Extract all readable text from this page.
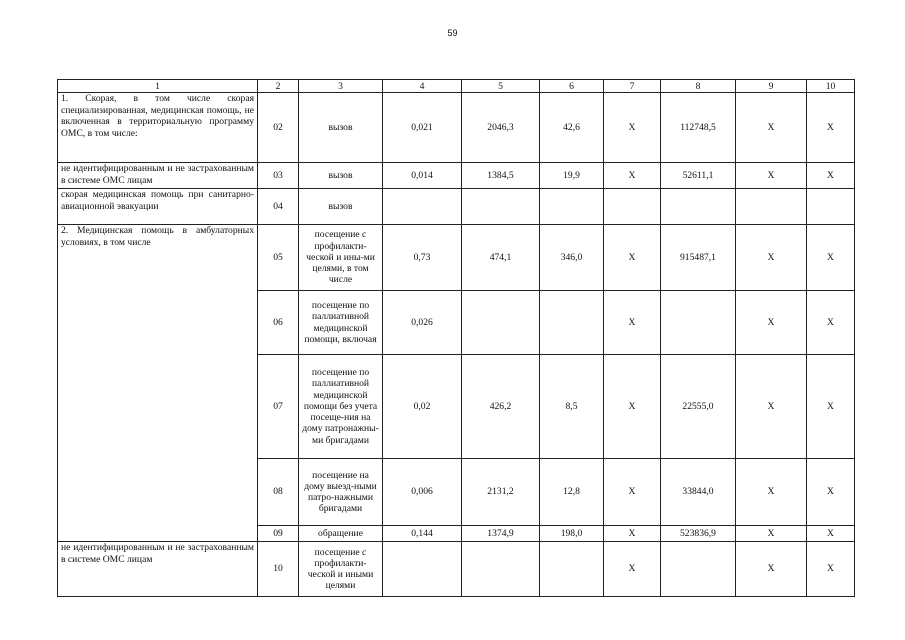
59
1	2	3	4	5	6	7	8	9	10
1. Скорая, в том числе скорая специализированная, медицинская помощь, не включенная в территориальную программу ОМС, в том числе:	02	вызов	0,021	2046,3	42,6	Х	112748,5	Х	Х
не идентифицированным и не застрахованным в системе ОМС лицам	03	вызов	0,014	1384,5	19,9	Х	52611,1	Х	Х
скорая медицинская помощь при санитарно-авиационной эвакуации	04	вызов							
2. Медицинская помощь в амбулаторных условиях, в том числе	05	посещение с профилакти-ческой и ины-ми целями, в том числе	0,73	474,1	346,0	Х	915487,1	Х	Х
	06	посещение по паллиативной медицинской помощи, включая	0,026			Х		Х	Х
	07	посещение по паллиативной медицинской помощи без учета посеще-ния на дому патронажны-ми бригадами	0,02	426,2	8,5	Х	22555,0	Х	Х
	08	посещение на дому выезд-ными патро-нажными бригадами	0,006	2131,2	12,8	Х	33844,0	Х	Х
	09	обращение	0,144	1374,9	198,0	Х	523836,9	Х	Х
не идентифицированным и не застрахованным в системе ОМС лицам	10	посещение с профилакти-ческой и иными целями				Х		Х	Х
